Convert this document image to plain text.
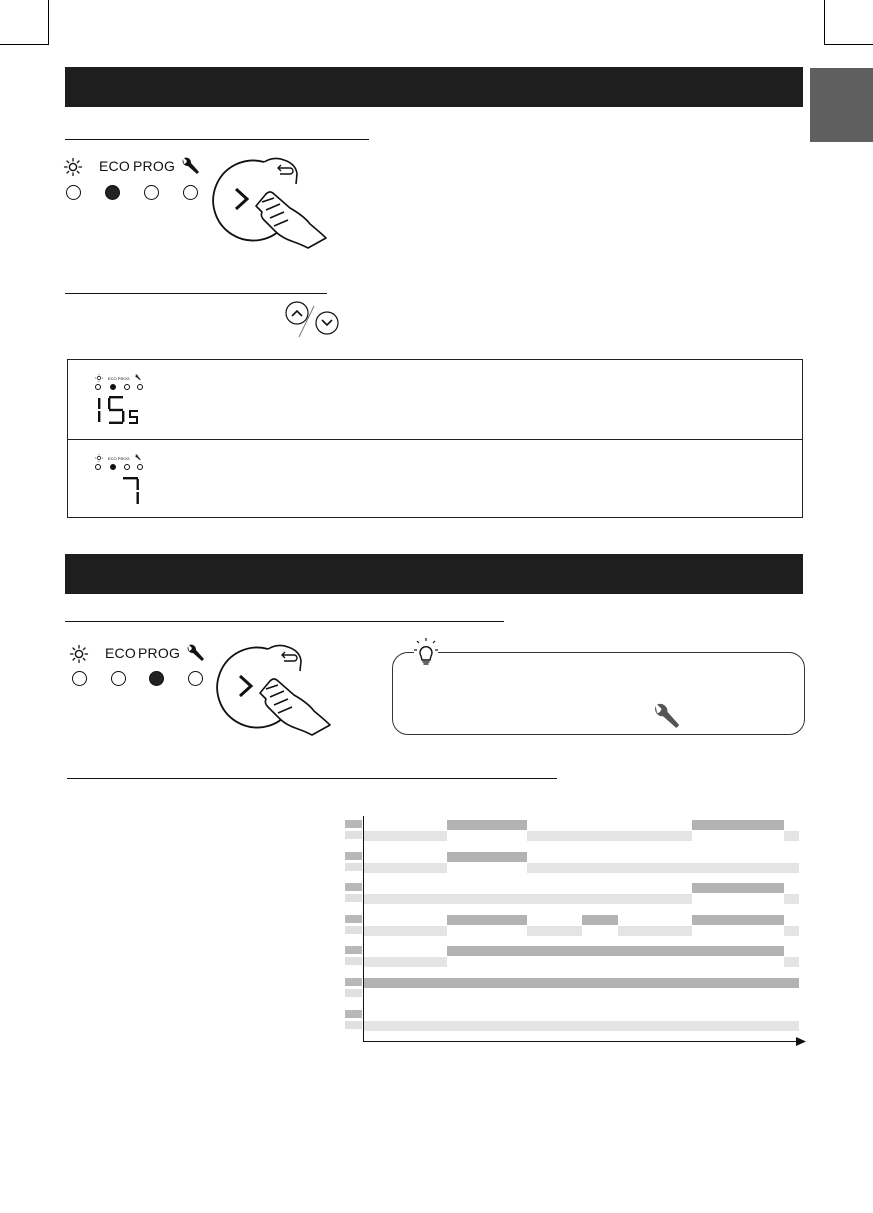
ECO PROG
ECO PROG
ECO PROG
ECO PROG
